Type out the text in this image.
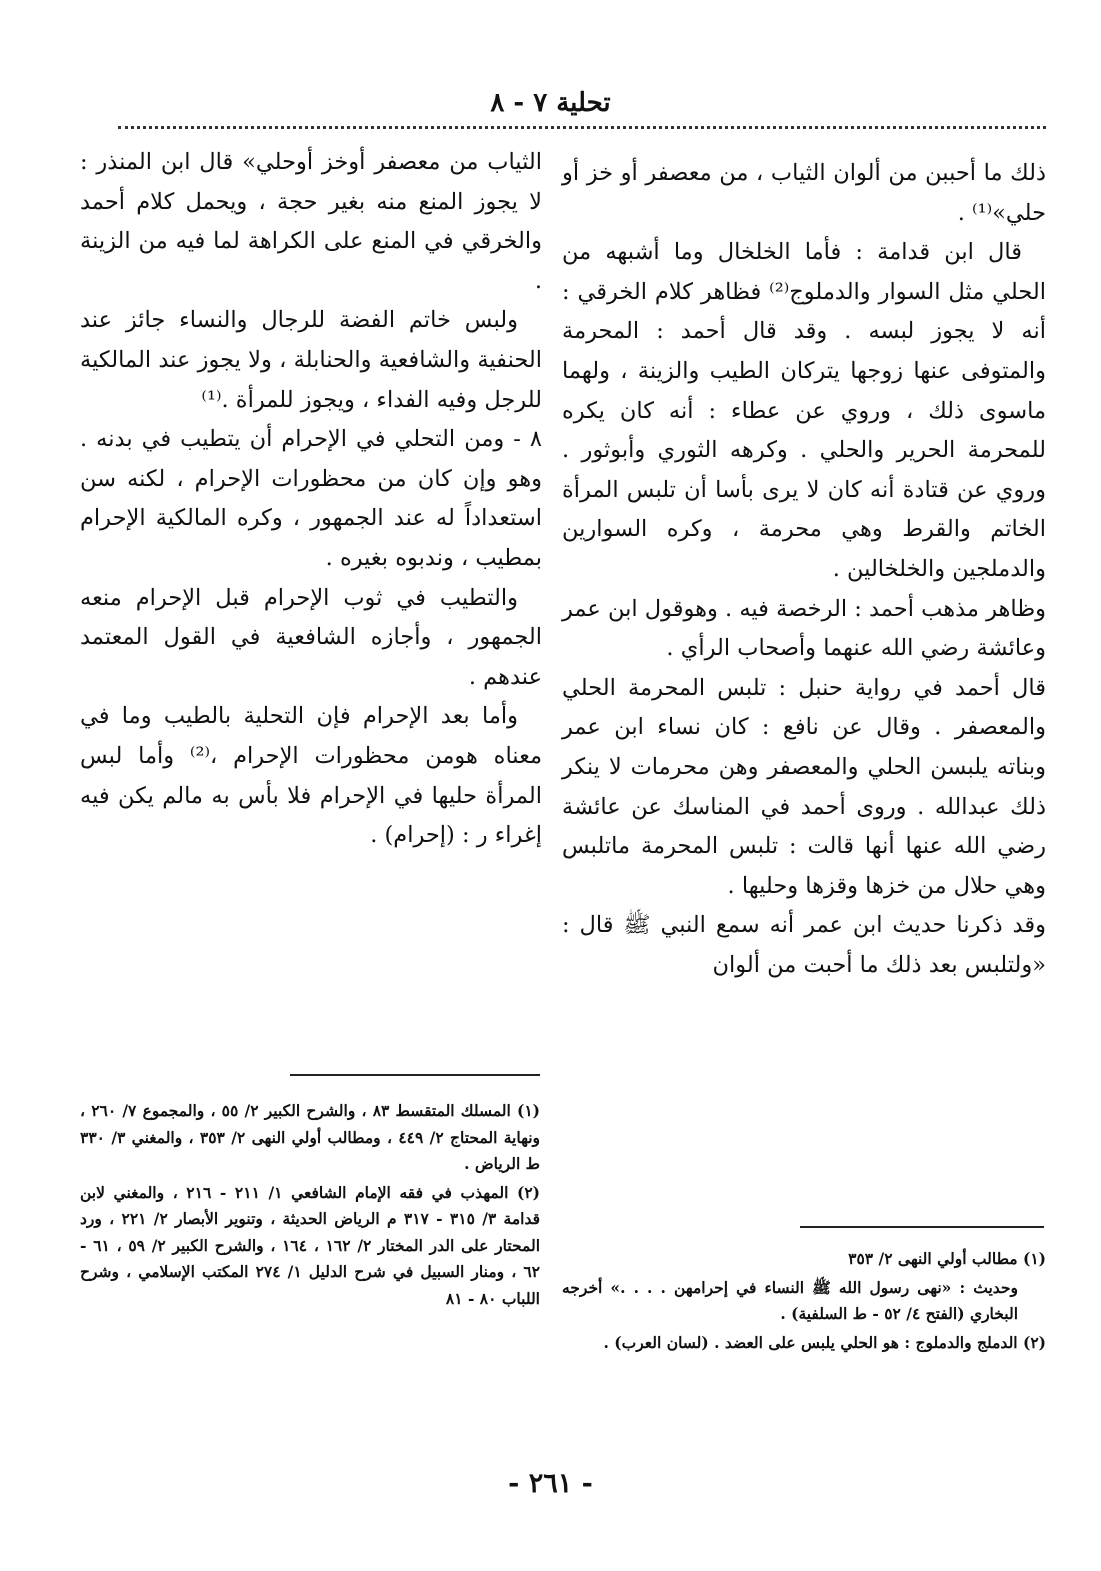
تحلية ٧ - ٨

ذلك ما أحببن من ألوان الثياب ، من معصفر أو خز أو حلي»⁽¹⁾ .

قال ابن قدامة : فأما الخلخال وما أشبهه من الحلي مثل السوار والدملوج⁽²⁾ فظاهر كلام الخرقي : أنه لا يجوز لبسه . وقد قال أحمد : المحرمة والمتوفى عنها زوجها يتركان الطيب والزينة ، ولهما ماسوى ذلك ، وروي عن عطاء : أنه كان يكره للمحرمة الحرير والحلي . وكرهه الثوري وأبوثور . وروي عن قتادة أنه كان لا يرى بأسا أن تلبس المرأة الخاتم والقرط وهي محرمة ، وكره السوارين والدملجين والخلخالين .

وظاهر مذهب أحمد : الرخصة فيه . وهوقول ابن عمر وعائشة رضي الله عنهما وأصحاب الرأي .

قال أحمد في رواية حنبل : تلبس المحرمة الحلي والمعصفر . وقال عن نافع : كان نساء ابن عمر وبناته يلبسن الحلي والمعصفر وهن محرمات لا ينكر ذلك عبدالله . وروى أحمد في المناسك عن عائشة رضي الله عنها أنها قالت : تلبس المحرمة ماتلبس وهي حلال من خزها وقزها وحليها .

وقد ذكرنا حديث ابن عمر أنه سمع النبي ﷺ قال : «ولتلبس بعد ذلك ما أحبت من ألوان

الثياب من معصفر أوخز أوحلي» قال ابن المنذر : لا يجوز المنع منه بغير حجة ، ويحمل كلام أحمد والخرقي في المنع على الكراهة لما فيه من الزينة .

ولبس خاتم الفضة للرجال والنساء جائز عند الحنفية والشافعية والحنابلة ، ولا يجوز عند المالكية للرجل وفيه الفداء ، ويجوز للمرأة .⁽¹⁾

٨ - ومن التحلي في الإحرام أن يتطيب في بدنه . وهو وإن كان من محظورات الإحرام ، لكنه سن استعداداً له عند الجمهور ، وكره المالكية الإحرام بمطيب ، وندبوه بغيره .

والتطيب في ثوب الإحرام قبل الإحرام منعه الجمهور ، وأجازه الشافعية في القول المعتمد عندهم .

وأما بعد الإحرام فإن التحلية بالطيب وما في معناه هومن محظورات الإحرام ،⁽²⁾ وأما لبس المرأة حليها في الإحرام فلا بأس به مالم يكن فيه إغراء ر : (إحرام) .

(١) المسلك المتقسط ٨٣ ، والشرح الكبير ٢/ ٥٥ ، والمجموع ٧/ ٢٦٠ ، ونهاية المحتاج ٢/ ٤٤٩ ، ومطالب أولي النهى ٢/ ٣٥٣ ، والمغني ٣/ ٣٣٠ ط الرياض .

(٢) المهذب في فقه الإمام الشافعي ١/ ٢١١ - ٢١٦ ، والمغني لابن قدامة ٣/ ٣١٥ - ٣١٧ م الرياض الحديثة ، وتنوير الأبصار ٢/ ٢٢١ ، ورد المحتار على الدر المختار ٢/ ١٦٢ ، ١٦٤ ، والشرح الكبير ٢/ ٥٩ ، ٦١ - ٦٢ ، ومنار السبيل في شرح الدليل ١/ ٢٧٤ المكتب الإسلامي ، وشرح اللباب ٨٠ - ٨١

(١) مطالب أولي النهى ٢/ ٣٥٣

وحديث : «نهى رسول الله ﷺ النساء في إحرامهن . . . .» أخرجه البخاري (الفتح ٤/ ٥٢ - ط السلفية) .

(٢) الدملج والدملوج : هو الحلي يلبس على العضد . (لسان العرب) .

- ٢٦١ -
